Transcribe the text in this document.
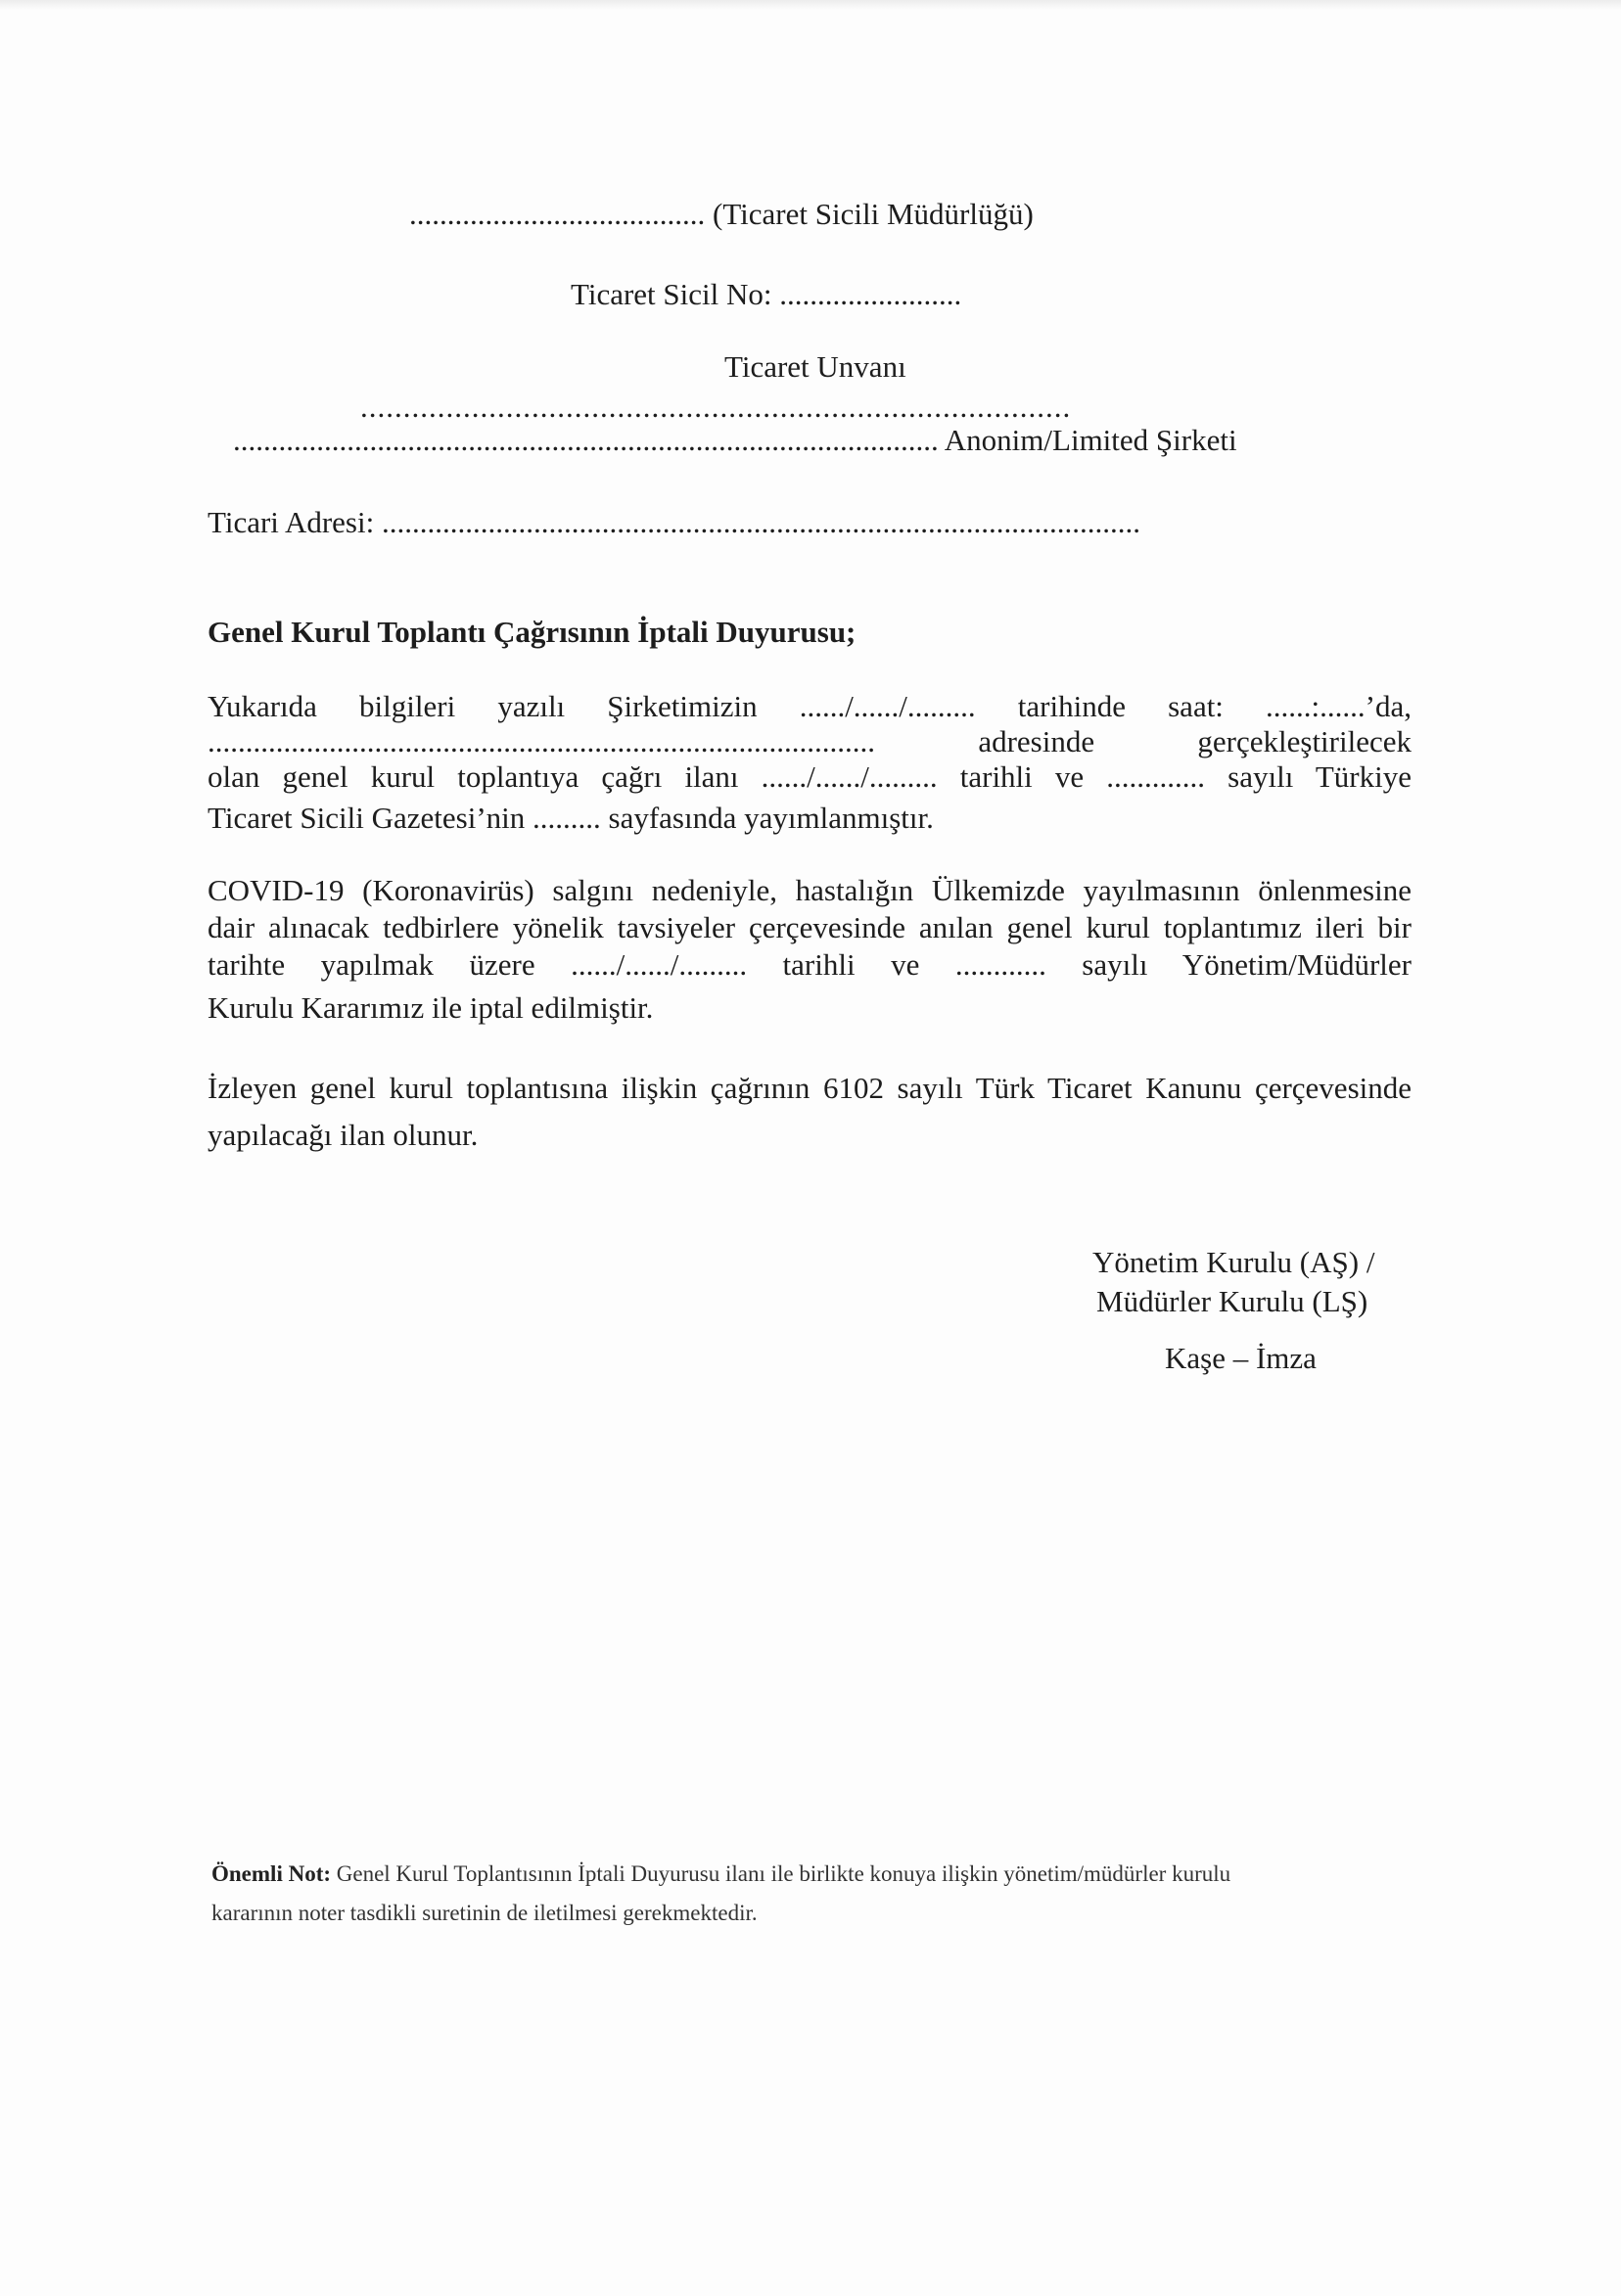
....................................... (Ticaret Sicili Müdürlüğü)
Ticaret Sicil No: ........................
Ticaret Unvanı
...................................................................................
............................................................................................. Anonim/Limited Şirketi
Ticari Adresi: ....................................................................................................
Genel Kurul Toplantı Çağrısının İptali Duyurusu;
Yukarıda bilgileri yazılı Şirketimizin ....../....../......... tarihinde saat: ......:......’da,
........................................................................................ adresinde gerçekleştirilecek
olan genel kurul toplantıya çağrı ilanı ....../....../......... tarihli ve ............. sayılı Türkiye
Ticaret Sicili Gazetesi’nin ......... sayfasında yayımlanmıştır.
COVID-19 (Koronavirüs) salgını nedeniyle, hastalığın Ülkemizde yayılmasının önlenmesine
dair alınacak tedbirlere yönelik tavsiyeler çerçevesinde anılan genel kurul toplantımız ileri bir
tarihte yapılmak üzere ....../....../......... tarihli ve ............ sayılı Yönetim/Müdürler
Kurulu Kararımız ile iptal edilmiştir.
İzleyen genel kurul toplantısına ilişkin çağrının 6102 sayılı Türk Ticaret Kanunu çerçevesinde
yapılacağı ilan olunur.
Yönetim Kurulu (AŞ) /
Müdürler Kurulu (LŞ)
Kaşe – İmza
Önemli Not: Genel Kurul Toplantısının İptali Duyurusu ilanı ile birlikte konuya ilişkin yönetim/müdürler kurulu
kararının noter tasdikli suretinin de iletilmesi gerekmektedir.
